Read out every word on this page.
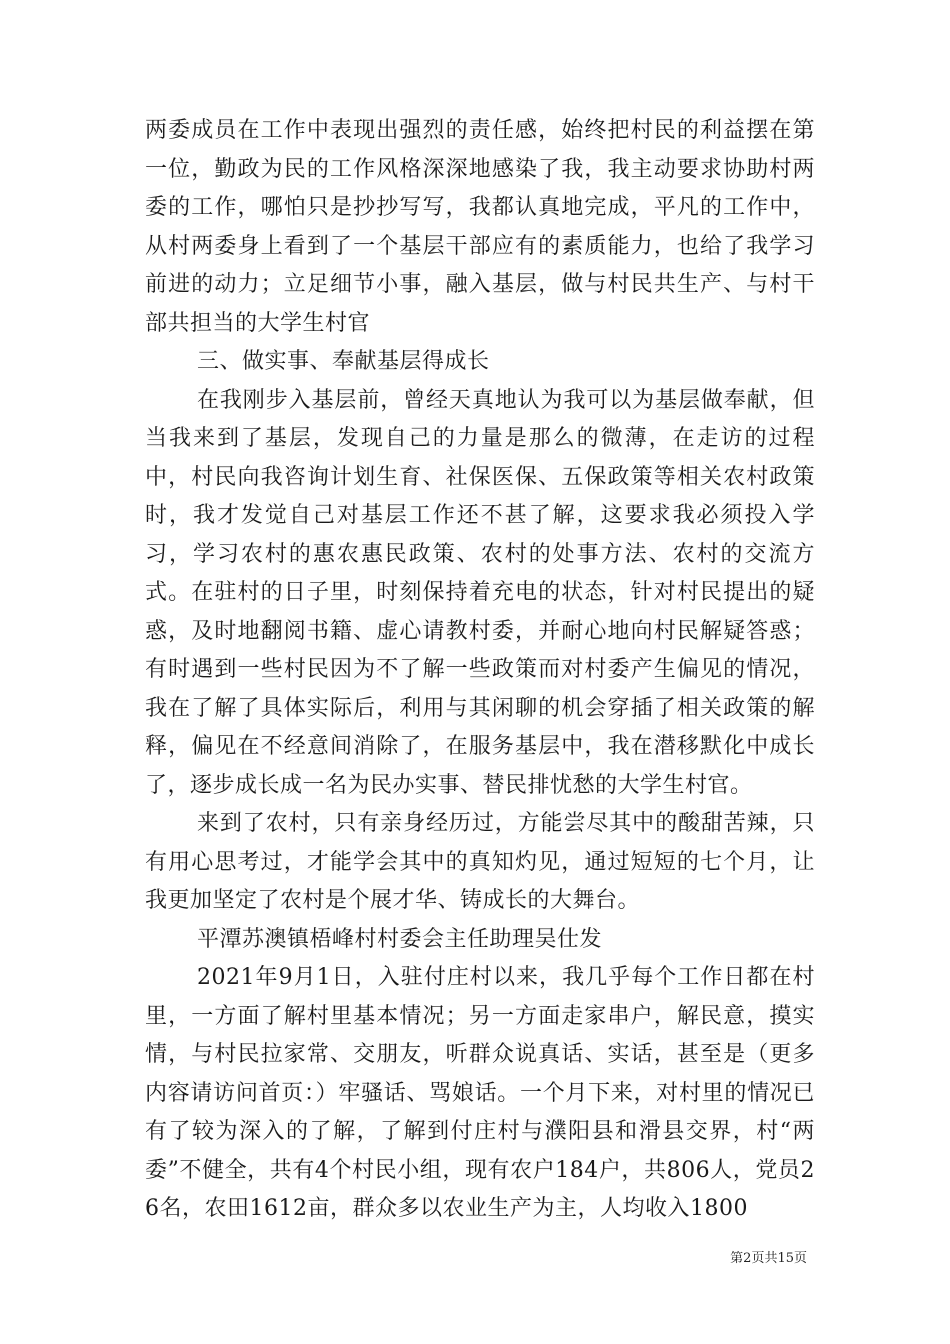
两委成员在工作中表现出强烈的责任感，始终把村民的利益摆在第一位，勤政为民的工作风格深深地感染了我，我主动要求协助村两委的工作，哪怕只是抄抄写写，我都认真地完成，平凡的工作中，从村两委身上看到了一个基层干部应有的素质能力，也给了我学习前进的动力；立足细节小事，融入基层，做与村民共生产、与村干部共担当的大学生村官

三、做实事、奉献基层得成长

在我刚步入基层前，曾经天真地认为我可以为基层做奉献，但当我来到了基层，发现自己的力量是那么的微薄，在走访的过程中，村民向我咨询计划生育、社保医保、五保政策等相关农村政策时，我才发觉自己对基层工作还不甚了解，这要求我必须投入学习，学习农村的惠农惠民政策、农村的处事方法、农村的交流方式。在驻村的日子里，时刻保持着充电的状态，针对村民提出的疑惑，及时地翻阅书籍、虚心请教村委，并耐心地向村民解疑答惑；有时遇到一些村民因为不了解一些政策而对村委产生偏见的情况，我在了解了具体实际后，利用与其闲聊的机会穿插了相关政策的解释，偏见在不经意间消除了，在服务基层中，我在潜移默化中成长了，逐步成长成一名为民办实事、替民排忧愁的大学生村官。

来到了农村，只有亲身经历过，方能尝尽其中的酸甜苦辣，只有用心思考过，才能学会其中的真知灼见，通过短短的七个月，让我更加坚定了农村是个展才华、铸成长的大舞台。

平潭苏澳镇梧峰村村委会主任助理吴仕发

2021年9月1日，入驻付庄村以来，我几乎每个工作日都在村里，一方面了解村里基本情况；另一方面走家串户，解民意，摸实情，与村民拉家常、交朋友，听群众说真话、实话，甚至是（更多内容请访问首页：）牢骚话、骂娘话。一个月下来，对村里的情况已有了较为深入的了解，了解到付庄村与濮阳县和滑县交界，村“两委”不健全，共有4个村民小组，现有农户184户，共806人，党员26名，农田1612亩，群众多以农业生产为主，人均收入1800

第2页共15页
